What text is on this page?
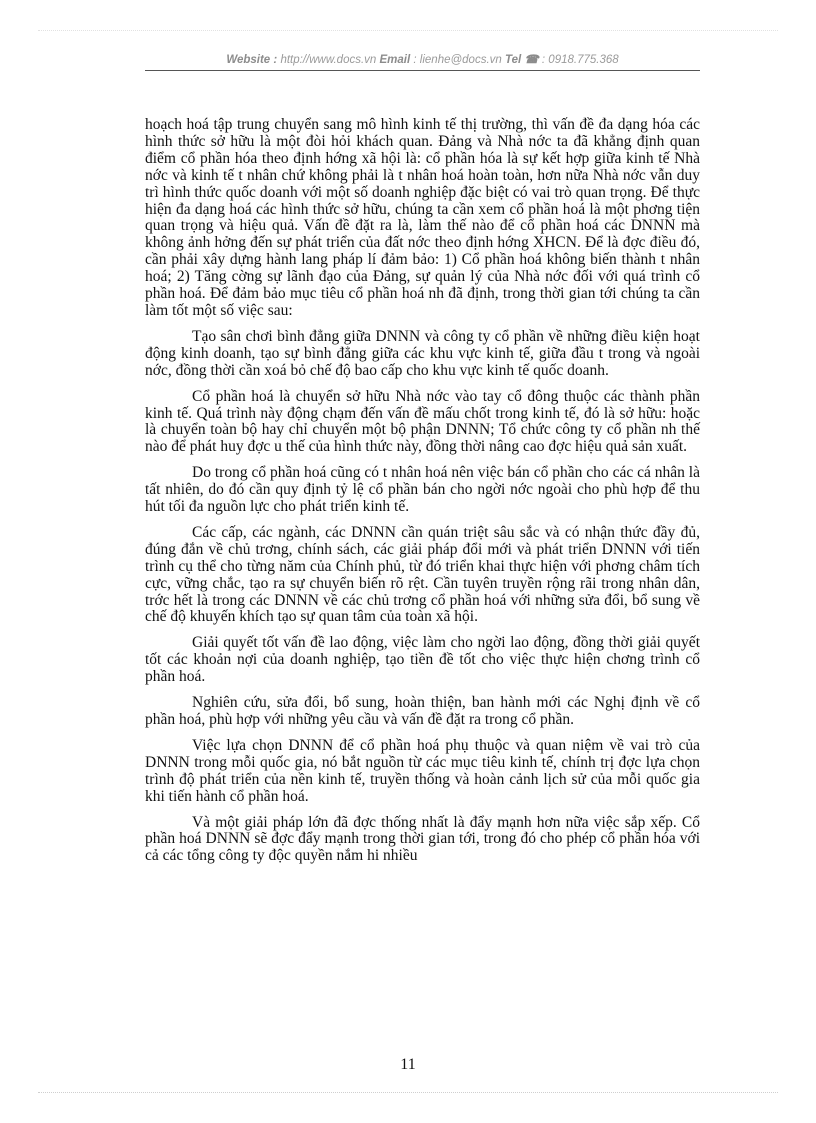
Website : http://www.docs.vn Email : lienhe@docs.vn Tel ☎ : 0918.775.368

hoạch hoá tập trung chuyển sang mô hình kinh tế thị trường, thì vấn đề đa dạng hóa các hình thức sở hữu là một đòi hỏi khách quan. Đảng và Nhà nớc ta đã khẳng định quan điểm cổ phần hóa theo định hớng xã hội là: cổ phần hóa là sự kết hợp giữa kinh tế Nhà nớc và kinh tế t nhân chứ không phải là t nhân hoá hoàn toàn, hơn nữa Nhà nớc vẫn duy trì hình thức quốc doanh với một số doanh nghiệp đặc biệt có vai trò quan trọng. Để thực hiện đa dạng hoá các hình thức sở hữu, chúng ta cần xem cổ phần hoá là một phơng tiện quan trọng và hiệu quả. Vấn đề đặt ra là, làm thế nào để cổ phần hoá các DNNN mà không ảnh hởng đến sự phát triển của đất nớc theo định hớng XHCN. Để là đợc điều đó, cần phải xây dựng hành lang pháp lí đảm bảo: 1) Cổ phần hoá không biến thành t nhân hoá; 2) Tăng cờng sự lãnh đạo của Đảng, sự quản lý của Nhà nớc đối với quá trình cổ phần hoá. Để đảm bảo mục tiêu cổ phần hoá nh đã định, trong thời gian tới chúng ta cần làm tốt một số việc sau:

Tạo sân chơi bình đẳng giữa DNNN và công ty cổ phần về những điều kiện hoạt động kinh doanh, tạo sự bình đẳng giữa các khu vực kinh tế, giữa đầu t trong và ngoài nớc, đồng thời cần xoá bỏ chế độ bao cấp cho khu vực kinh tế quốc doanh.

Cổ phần hoá là chuyển sở hữu Nhà nớc vào tay cổ đông thuộc các thành phần kinh tế. Quá trình này động chạm đến vấn đề mấu chốt trong kinh tế, đó là sở hữu: hoặc là chuyển toàn bộ hay chỉ chuyển một bộ phận DNNN; Tổ chức công ty cổ phần nh thế nào để phát huy đợc u thế của hình thức này, đồng thời nâng cao đợc hiệu quả sản xuất.

Do trong cổ phần hoá cũng có t nhân hoá nên việc bán cổ phần cho các cá nhân là tất nhiên, do đó cần quy định tỷ lệ cổ phần bán cho ngời nớc ngoài cho phù hợp để thu hút tối đa nguồn lực cho phát triển kinh tế.

Các cấp, các ngành, các DNNN cần quán triệt sâu sắc và có nhận thức đầy đủ, đúng đắn về chủ trơng, chính sách, các giải pháp đổi mới và phát triển DNNN với tiến trình cụ thể cho từng năm của Chính phủ, từ đó triển khai thực hiện với phơng châm tích cực, vững chắc, tạo ra sự chuyển biến rõ rệt. Cần tuyên truyền rộng rãi trong nhân dân, trớc hết là trong các DNNN về các chủ trơng cổ phần hoá với những sửa đổi, bổ sung về chế độ khuyến khích tạo sự quan tâm của toàn xã hội.

Giải quyết tốt vấn đề lao động, việc làm cho ngời lao động, đồng thời giải quyết tốt các khoản nợi của doanh nghiệp, tạo tiền đề tốt cho việc thực hiện chơng trình cổ phần hoá.

Nghiên cứu, sửa đổi, bổ sung, hoàn thiện, ban hành mới các Nghị định về cổ phần hoá, phù hợp với những yêu cầu và vấn đề đặt ra trong cổ phần.

Việc lựa chọn DNNN để cổ phần hoá phụ thuộc và quan niệm về vai trò của DNNN trong mỗi quốc gia, nó bắt nguồn từ các mục tiêu kinh tế, chính trị đợc lựa chọn trình độ phát triển của nền kinh tế, truyền thống và hoàn cảnh lịch sử của mỗi quốc gia khi tiến hành cổ phần hoá.

Và một giải pháp lớn đã đợc thống nhất là đẩy mạnh hơn nữa việc sắp xếp. Cổ phần hoá DNNN sẽ đợc đẩy mạnh trong thời gian tới, trong đó cho phép cổ phần hóa với cả các tổng công ty độc quyền nắm hi nhiều

11
